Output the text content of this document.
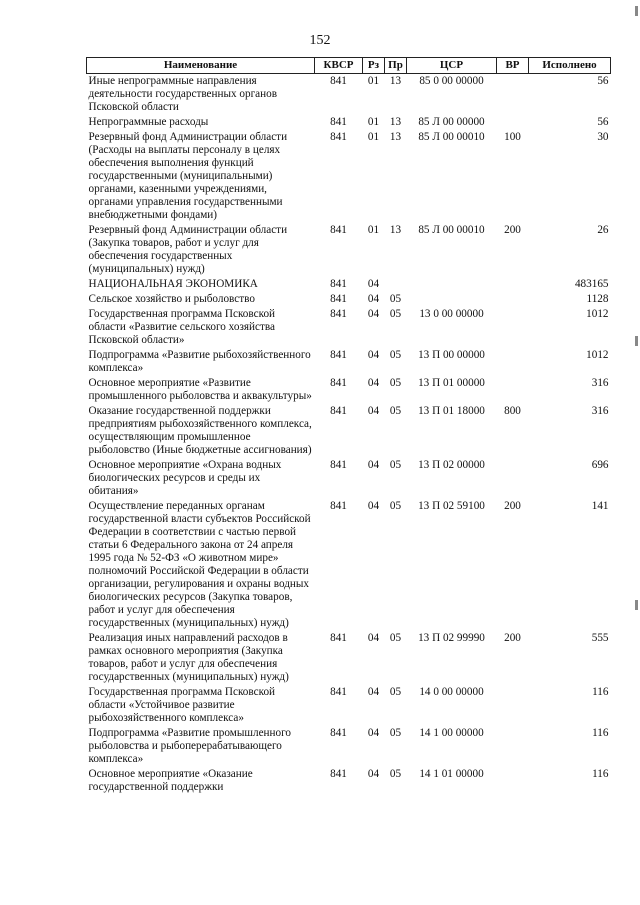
152
Наименование	КВСР	Рз	Пр	ЦСР	ВР	Исполнено
Иные непрограммные направления деятельности государственных органов Псковской области	841	01	13	85 0 00 00000		56
Непрограммные расходы	841	01	13	85 Л 00 00000		56
Резервный фонд Администрации области (Расходы на выплаты персоналу в целях обеспечения выполнения функций государственными (муниципальными) органами, казенными учреждениями, органами управления государственными внебюджетными фондами)	841	01	13	85 Л 00 00010	100	30
Резервный фонд Администрации области (Закупка товаров, работ и услуг для обеспечения государственных (муниципальных) нужд)	841	01	13	85 Л 00 00010	200	26
НАЦИОНАЛЬНАЯ ЭКОНОМИКА	841	04				483165
Сельское хозяйство и рыболовство	841	04	05			1128
Государственная программа Псковской области «Развитие сельского хозяйства Псковской области»	841	04	05	13 0 00 00000		1012
Подпрограмма «Развитие рыбохозяйственного комплекса»	841	04	05	13 П 00 00000		1012
Основное мероприятие «Развитие промышленного рыболовства и аквакультуры»	841	04	05	13 П 01 00000		316
Оказание государственной поддержки предприятиям рыбохозяйственного комплекса, осуществляющим промышленное рыболовство (Иные бюджетные ассигнования)	841	04	05	13 П 01 18000	800	316
Основное мероприятие «Охрана водных биологических ресурсов и среды их обитания»	841	04	05	13 П 02 00000		696
Осуществление переданных органам государственной власти субъектов Российской Федерации в соответствии с частью первой статьи 6 Федерального закона от 24 апреля 1995 года № 52-ФЗ «О животном мире» полномочий Российской Федерации в области организации, регулирования и охраны водных биологических ресурсов (Закупка товаров, работ и услуг для обеспечения государственных (муниципальных) нужд)	841	04	05	13 П 02 59100	200	141
Реализация иных направлений расходов в рамках основного мероприятия (Закупка товаров, работ и услуг для обеспечения государственных (муниципальных) нужд)	841	04	05	13 П 02 99990	200	555
Государственная программа Псковской области «Устойчивое развитие рыбохозяйственного комплекса»	841	04	05	14 0 00 00000		116
Подпрограмма «Развитие промышленного рыболовства и рыбоперерабатывающего комплекса»	841	04	05	14 1 00 00000		116
Основное мероприятие «Оказание государственной поддержки	841	04	05	14 1 01 00000		116
